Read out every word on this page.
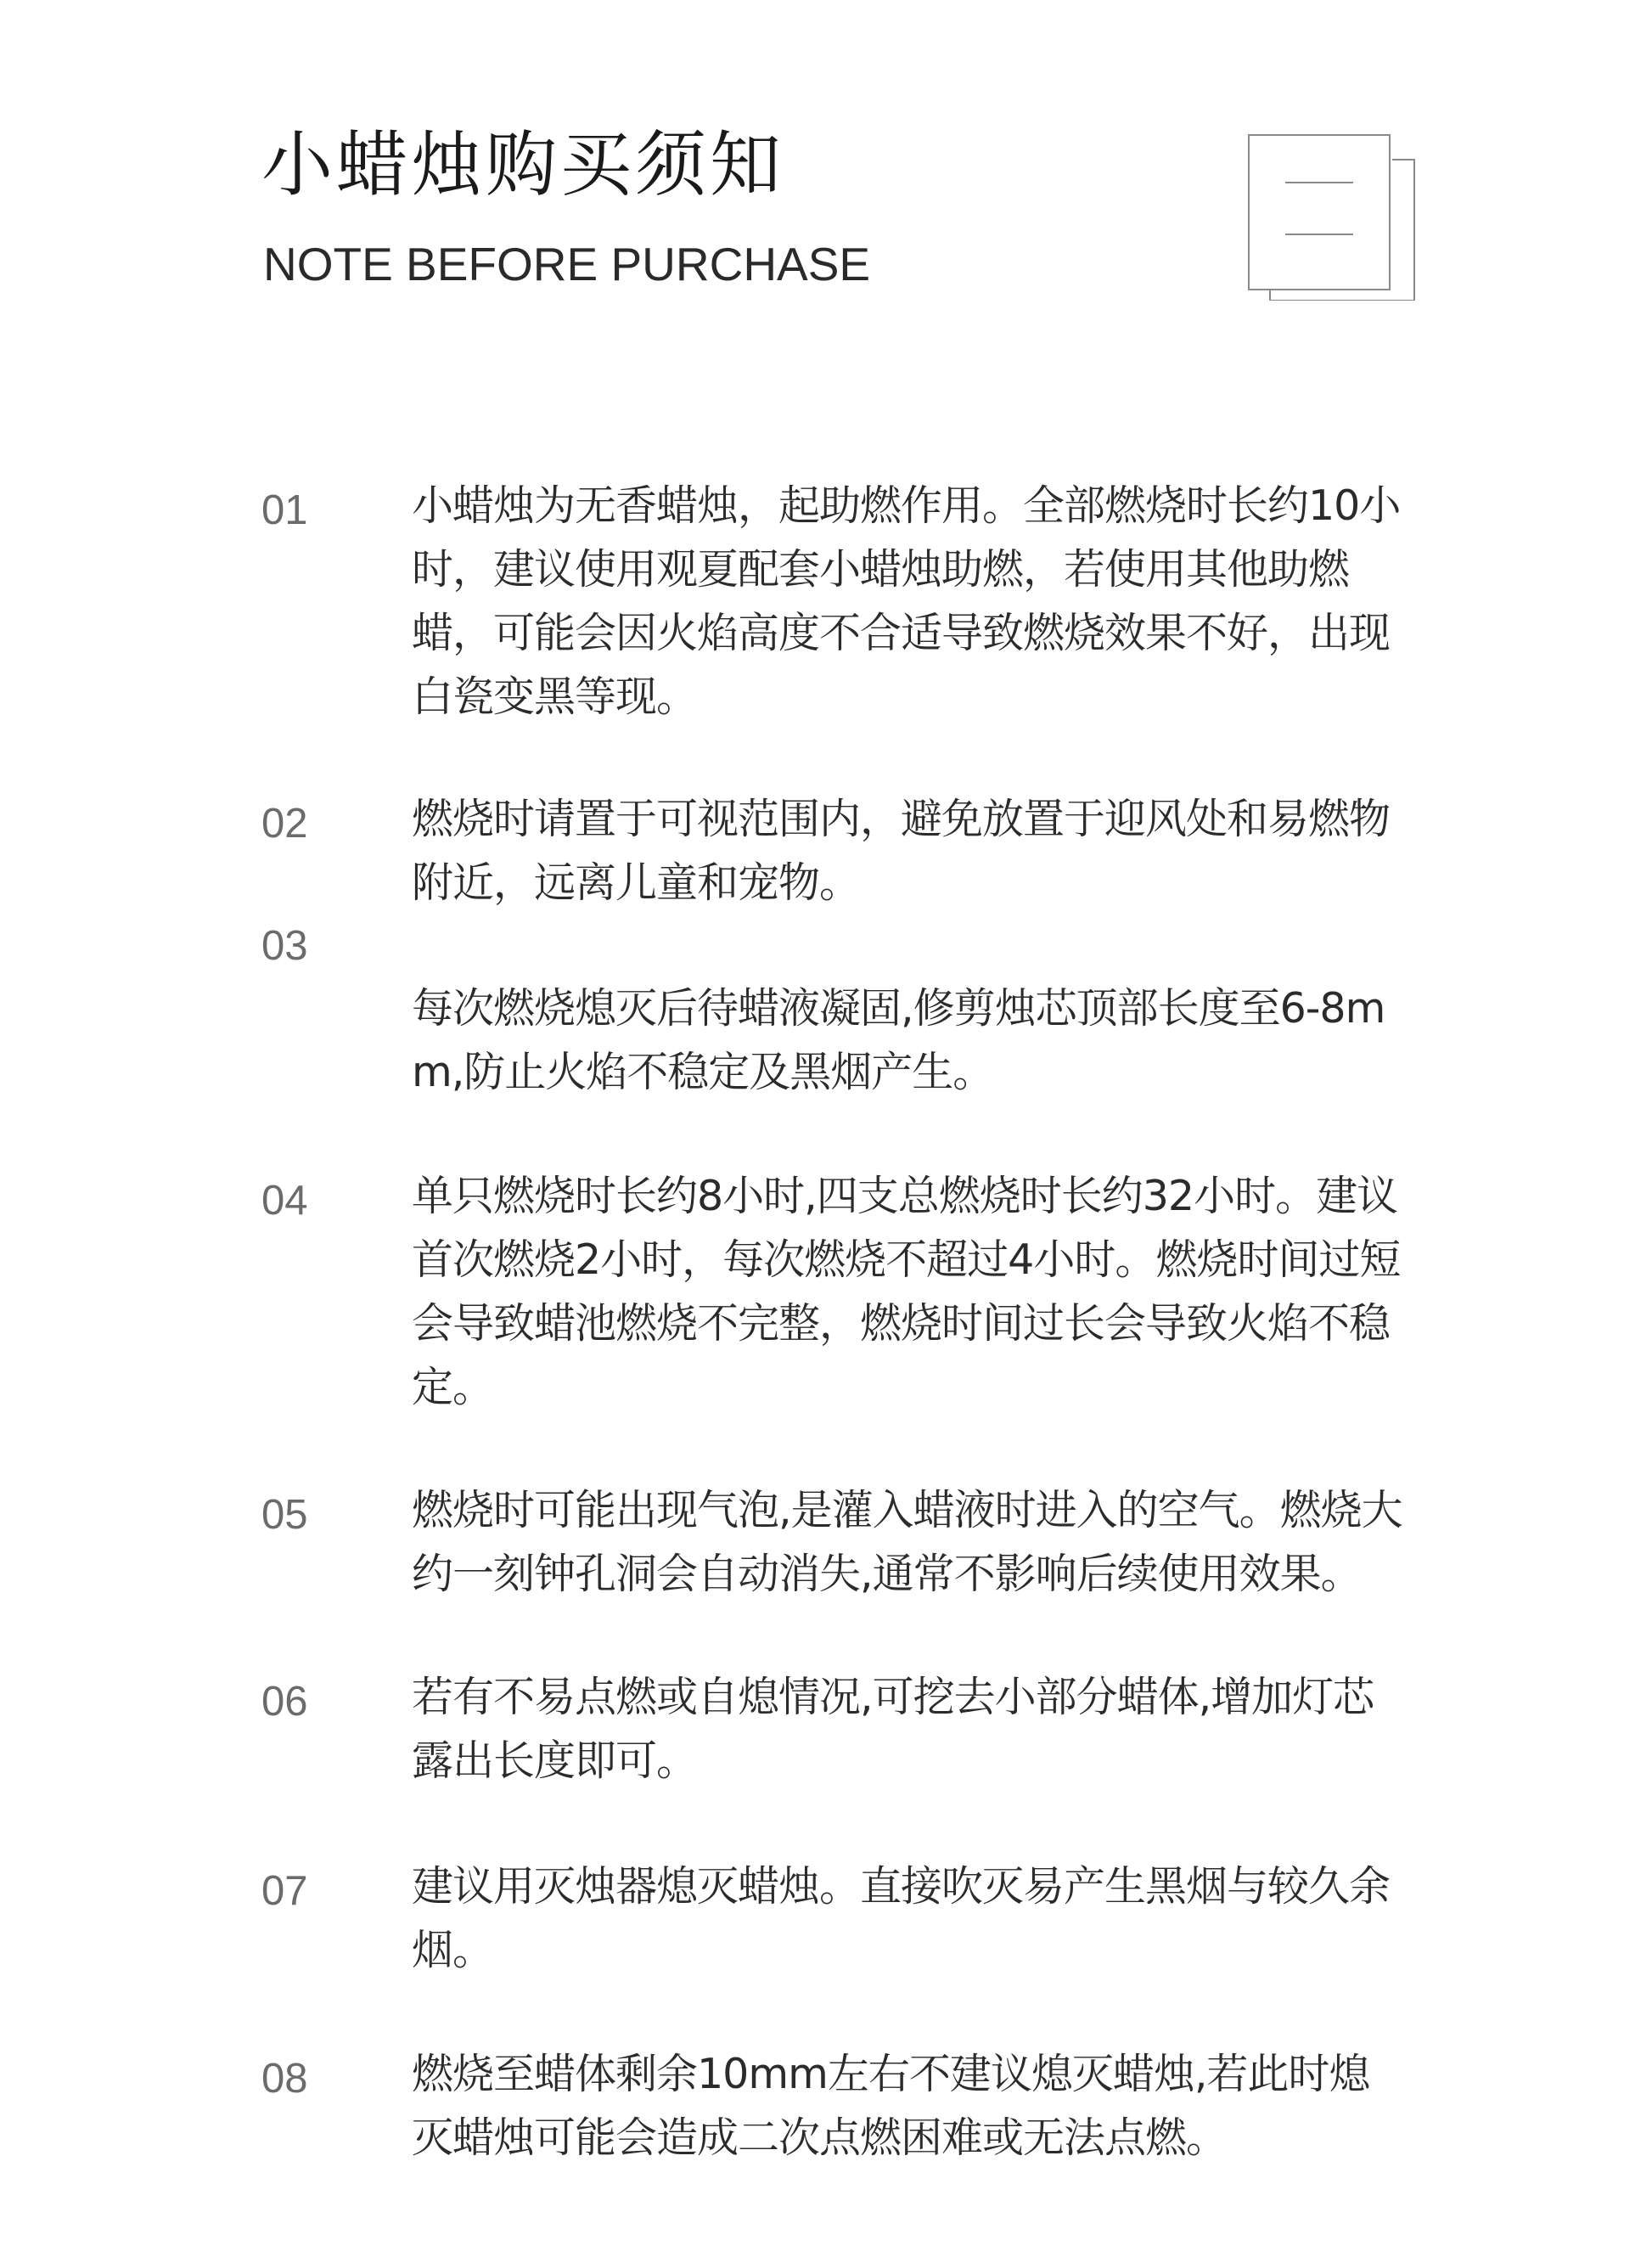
小蜡烛购买须知
NOTE BEFORE PURCHASE
01 小蜡烛为无香蜡烛，起助燃作用。全部燃烧时长约10小时，建议使用观夏配套小蜡烛助燃，若使用其他助燃蜡，可能会因火焰高度不合适导致燃烧效果不好，出现白瓷变黑等现。
02 燃烧时请置于可视范围内，避免放置于迎风处和易燃物附近，远离儿童和宠物。
03
每次燃烧熄灭后待蜡液凝固,修剪烛芯顶部长度至6-8mm,防止火焰不稳定及黑烟产生。
04 单只燃烧时长约8小时,四支总燃烧时长约32小时。建议首次燃烧2小时，每次燃烧不超过4小时。燃烧时间过短会导致蜡池燃烧不完整，燃烧时间过长会导致火焰不稳定。
05 燃烧时可能出现气泡,是灌入蜡液时进入的空气。燃烧大约一刻钟孔洞会自动消失,通常不影响后续使用效果。
06 若有不易点燃或自熄情况,可挖去小部分蜡体,增加灯芯露出长度即可。
07 建议用灭烛器熄灭蜡烛。直接吹灭易产生黑烟与较久余烟。
08 燃烧至蜡体剩余10mm左右不建议熄灭蜡烛,若此时熄灭蜡烛可能会造成二次点燃困难或无法点燃。
